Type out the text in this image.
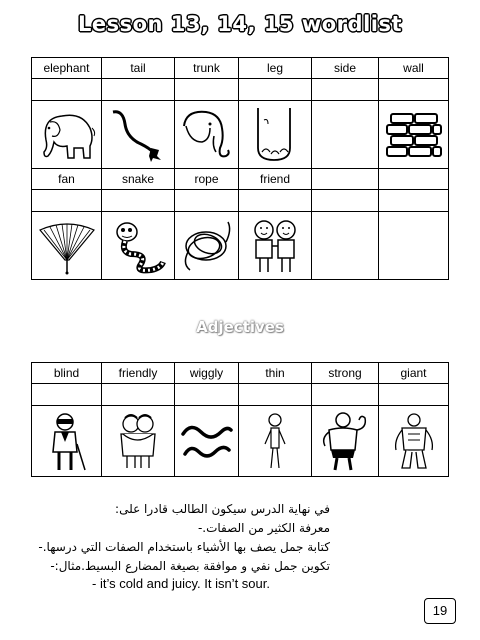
Lesson 13, 14, 15 wordlist
elephant	tail	trunk	leg	side	wall

fan	snake	rope	friend		

Adjectives
blind	friendly	wiggly	thin	strong	giant

في نهاية الدرس سيكون الطالب قادرا على:
معرفة الكثير من الصفات.-
كتابة جمل يصف بها الأشياء باستخدام الصفات التي درسها.-
تكوين جمل نفي و موافقة بصيغة المضارع البسيط.مثال:-
- it’s cold and juicy. It isn’t sour.
19
